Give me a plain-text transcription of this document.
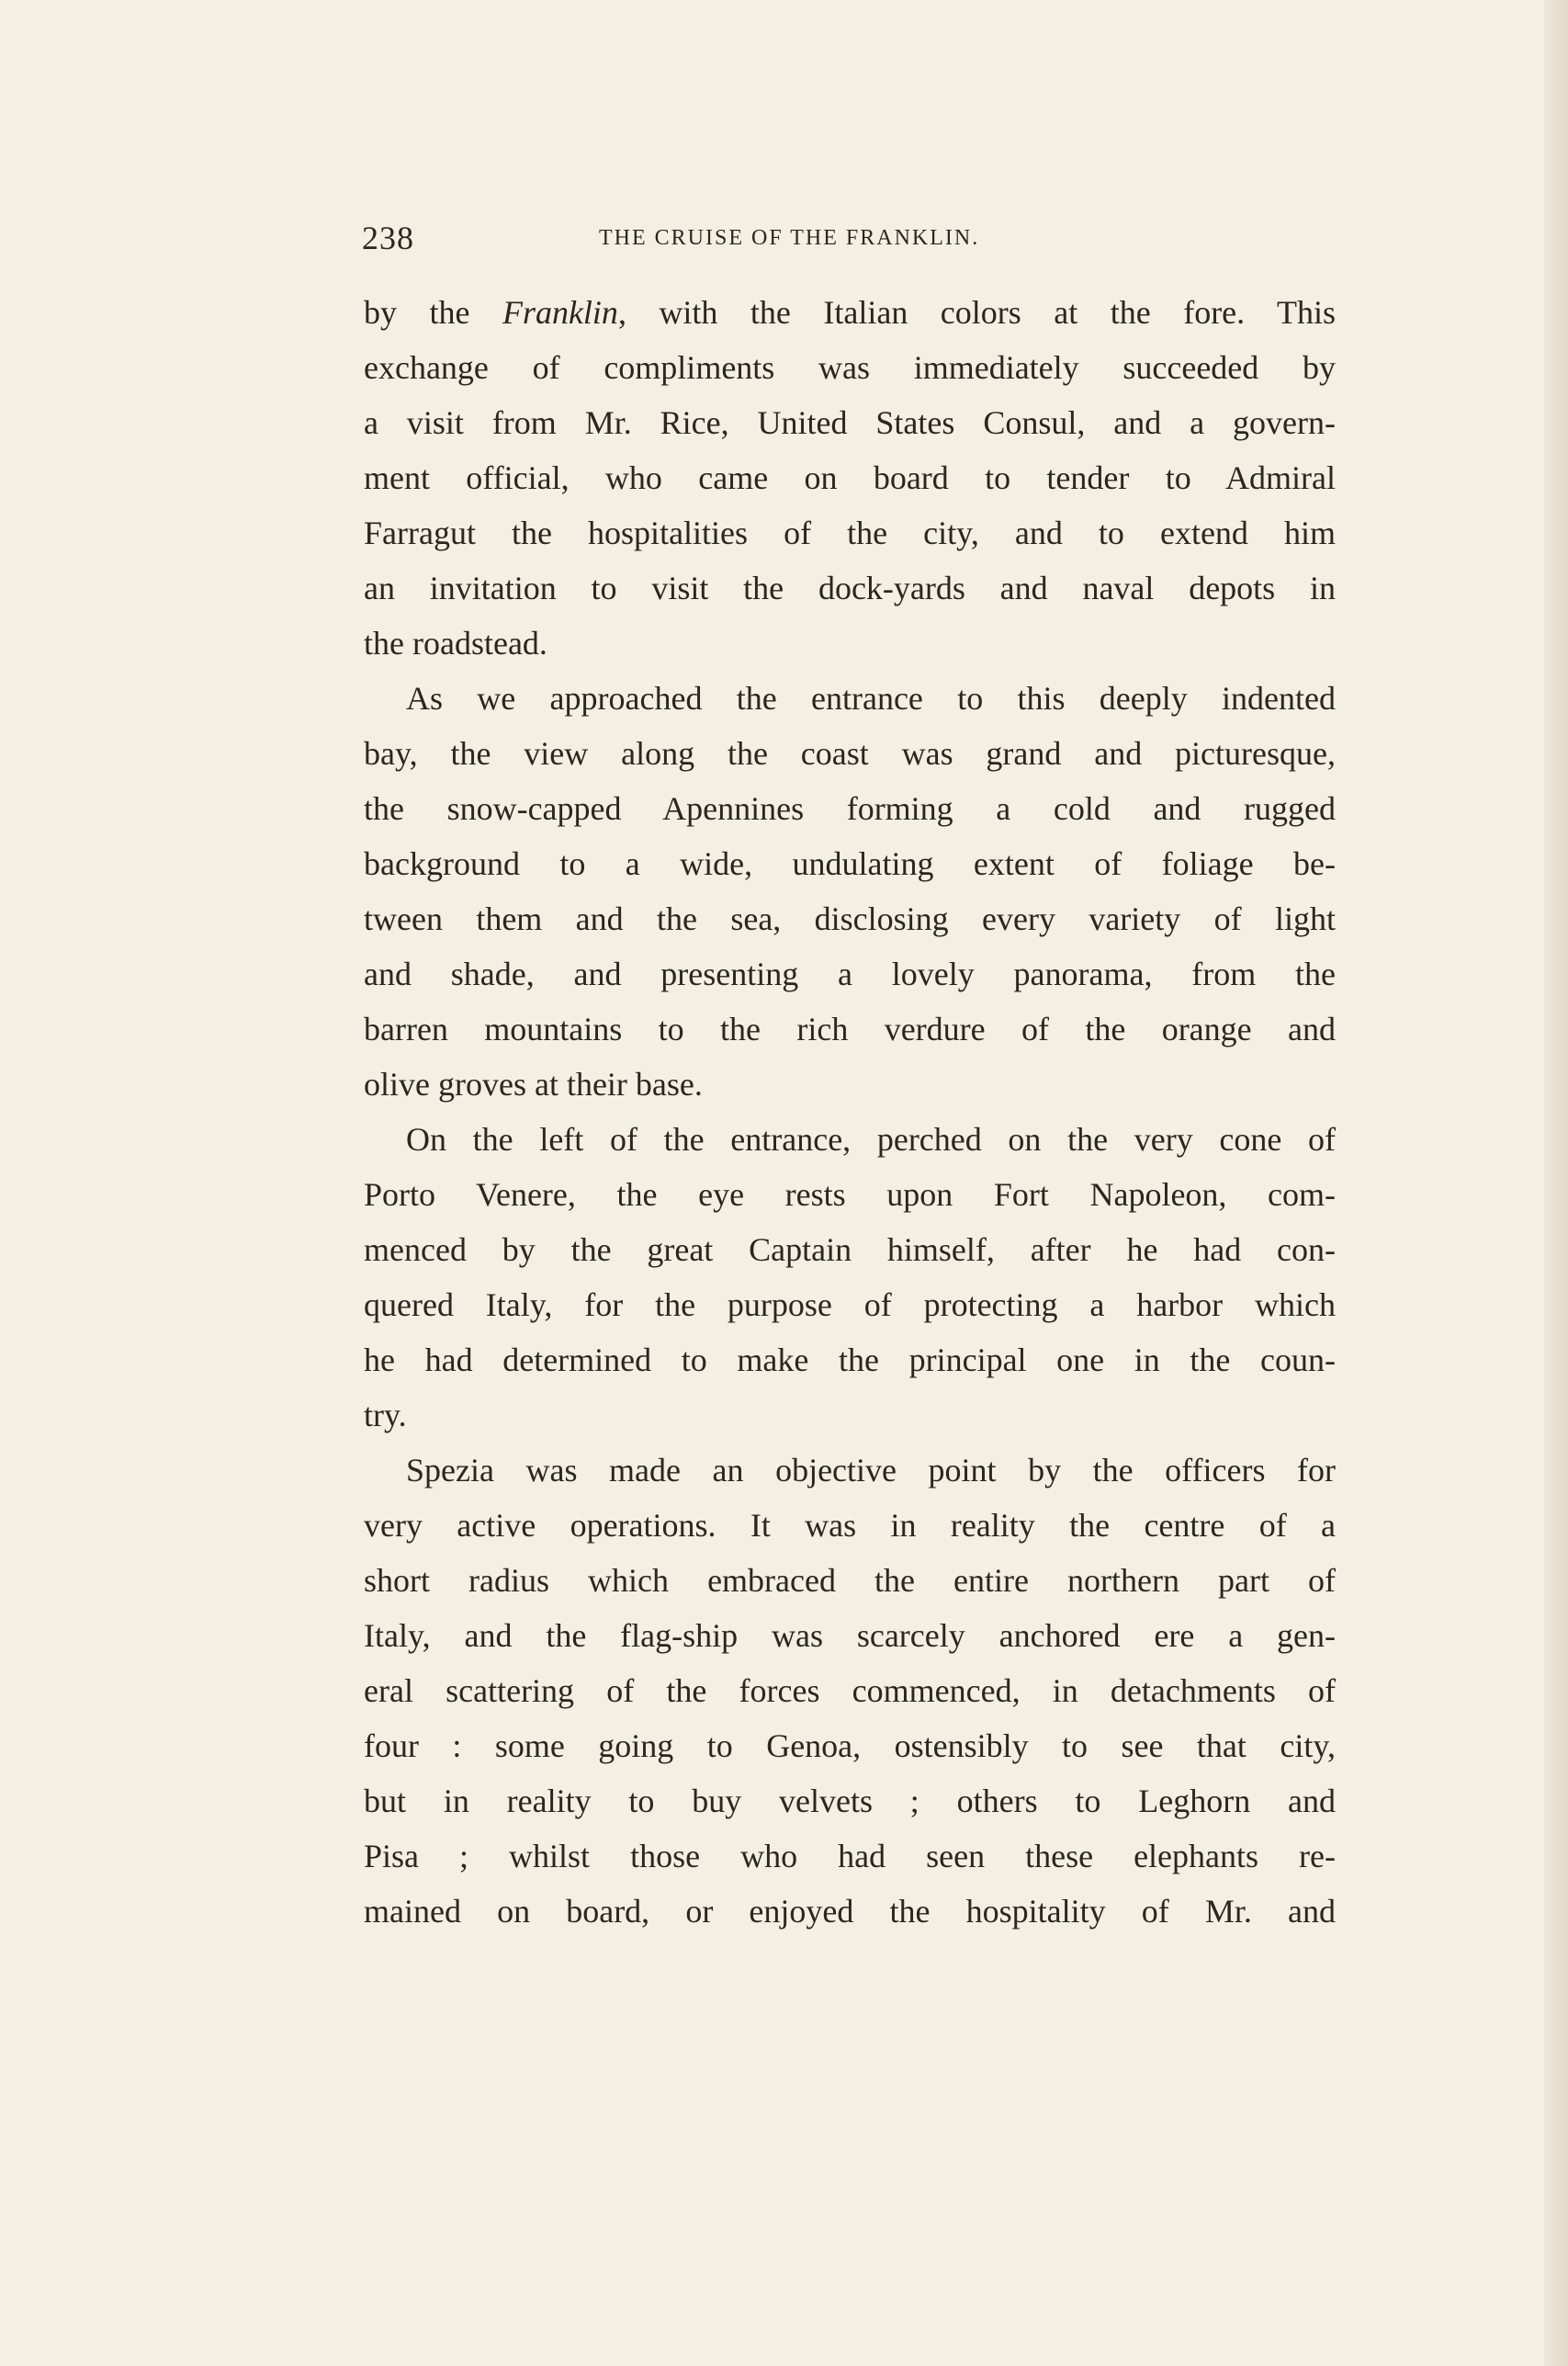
238	THE CRUISE OF THE FRANKLIN.
by the Franklin, with the Italian colors at the fore. This
exchange of compliments was immediately succeeded by
a visit from Mr. Rice, United States Consul, and a govern-
ment official, who came on board to tender to Admiral
Farragut the hospitalities of the city, and to extend him
an invitation to visit the dock-yards and naval depots in
the roadstead.
As we approached the entrance to this deeply indented
bay, the view along the coast was grand and picturesque,
the snow-capped Apennines forming a cold and rugged
background to a wide, undulating extent of foliage be-
tween them and the sea, disclosing every variety of light
and shade, and presenting a lovely panorama, from the
barren mountains to the rich verdure of the orange and
olive groves at their base.
On the left of the entrance, perched on the very cone of
Porto Venere, the eye rests upon Fort Napoleon, com-
menced by the great Captain himself, after he had con-
quered Italy, for the purpose of protecting a harbor which
he had determined to make the principal one in the coun-
try.
Spezia was made an objective point by the officers for
very active operations. It was in reality the centre of a
short radius which embraced the entire northern part of
Italy, and the flag-ship was scarcely anchored ere a gen-
eral scattering of the forces commenced, in detachments of
four : some going to Genoa, ostensibly to see that city,
but in reality to buy velvets ; others to Leghorn and
Pisa ; whilst those who had seen these elephants re-
mained on board, or enjoyed the hospitality of Mr. and
